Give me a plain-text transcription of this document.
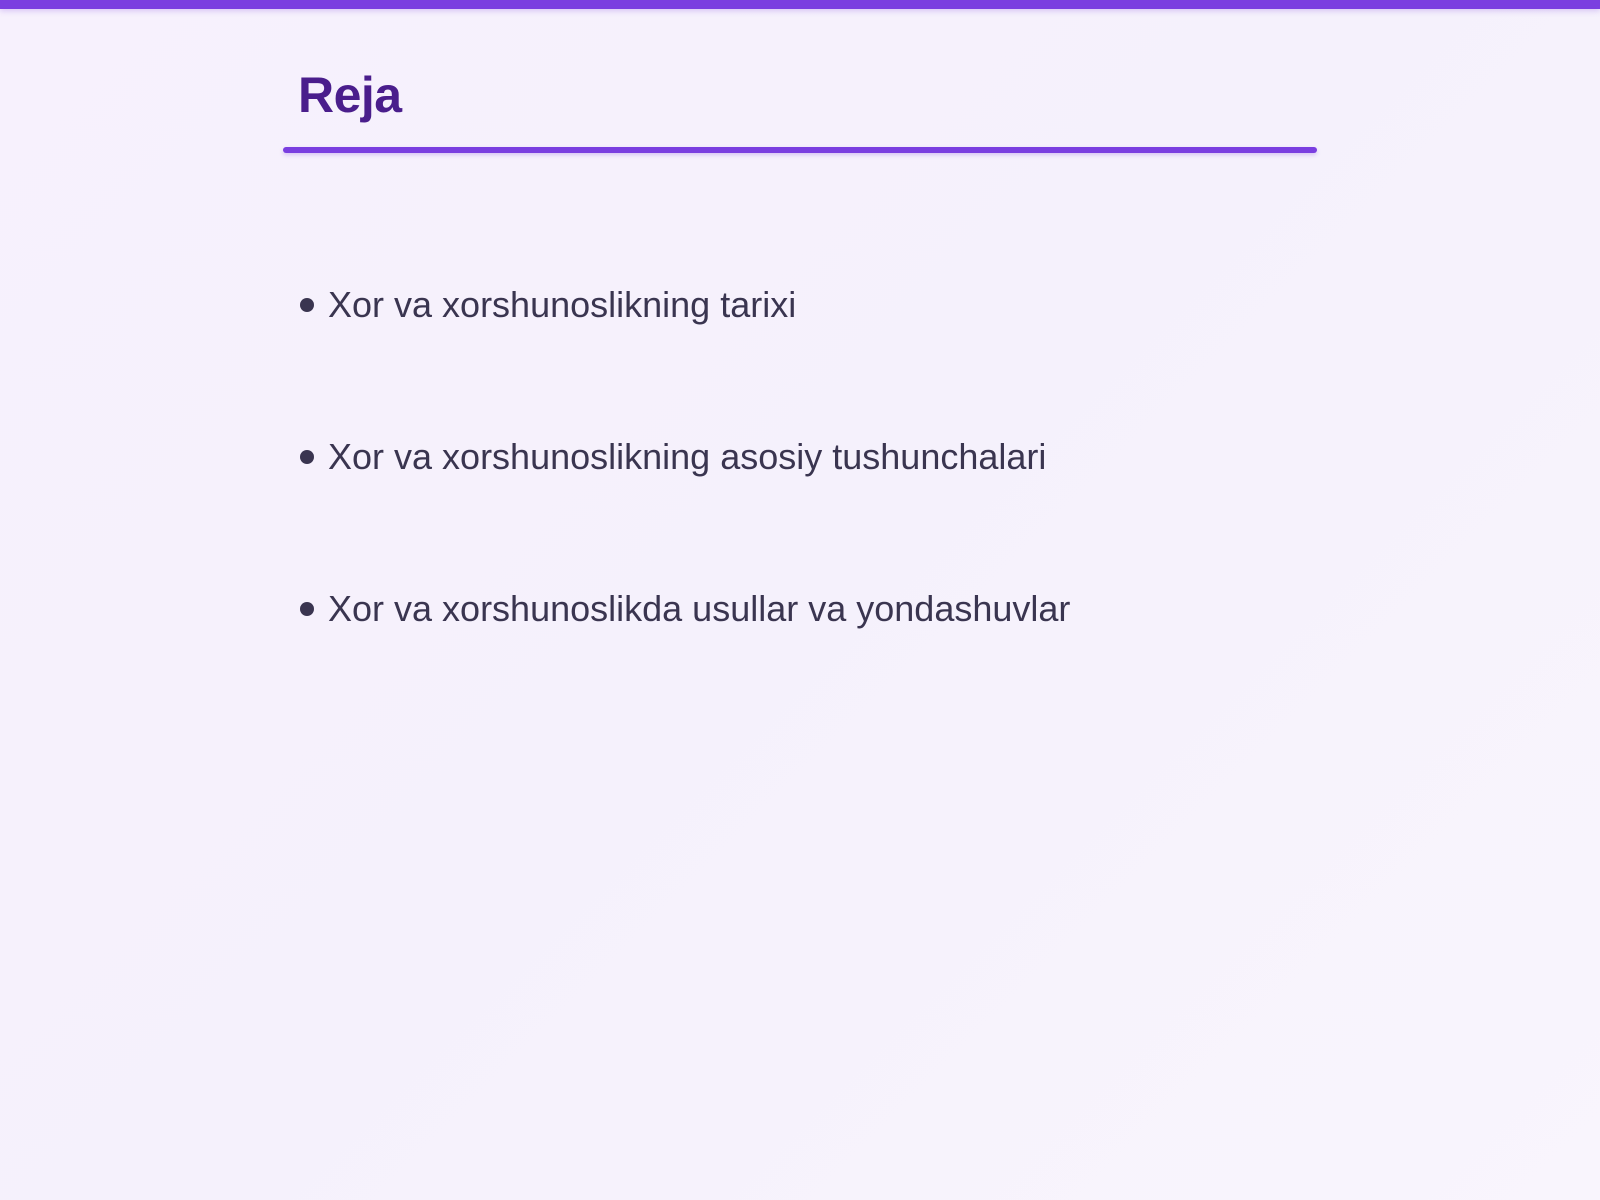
Reja
Xor va xorshunoslikning tarixi
Xor va xorshunoslikning asosiy tushunchalari
Xor va xorshunoslikda usullar va yondashuvlar
